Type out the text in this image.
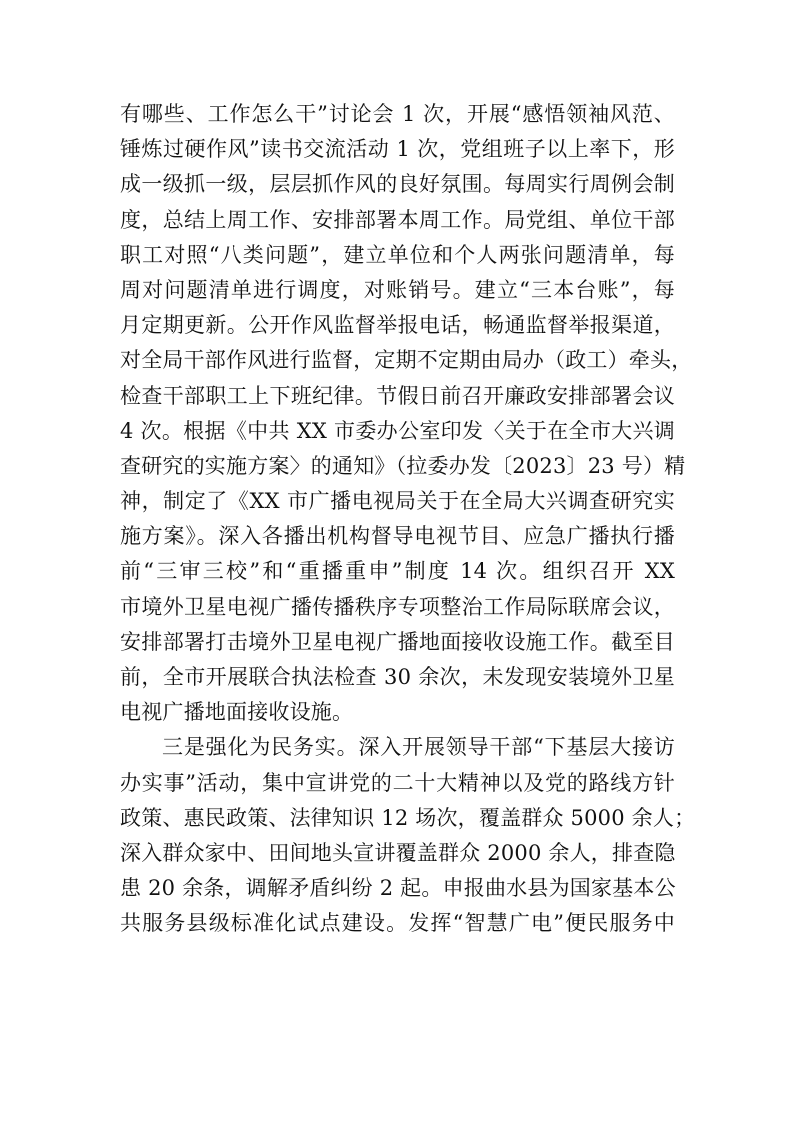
有哪些、工作怎么干”讨论会 1 次，开展“感悟领袖风范、
锤炼过硬作风”读书交流活动 1 次，党组班子以上率下，形
成一级抓一级，层层抓作风的良好氛围。每周实行周例会制
度，总结上周工作、安排部署本周工作。局党组、单位干部
职工对照“八类问题”，建立单位和个人两张问题清单，每
周对问题清单进行调度，对账销号。建立“三本台账”，每
月定期更新。公开作风监督举报电话，畅通监督举报渠道，
对全局干部作风进行监督，定期不定期由局办（政工）牵头，
检查干部职工上下班纪律。节假日前召开廉政安排部署会议
4 次。根据《中共 XX 市委办公室印发〈关于在全市大兴调
查研究的实施方案〉的通知》（拉委办发〔2023〕23 号）精
神，制定了《XX 市广播电视局关于在全局大兴调查研究实
施方案》。深入各播出机构督导电视节目、应急广播执行播
前“三审三校”和“重播重申”制度 14 次。组织召开 XX
市境外卫星电视广播传播秩序专项整治工作局际联席会议，
安排部署打击境外卫星电视广播地面接收设施工作。截至目
前，全市开展联合执法检查 30 余次，未发现安装境外卫星
电视广播地面接收设施。

三是强化为民务实。深入开展领导干部“下基层大接访
办实事”活动，集中宣讲党的二十大精神以及党的路线方针
政策、惠民政策、法律知识 12 场次，覆盖群众 5000 余人；
深入群众家中、田间地头宣讲覆盖群众 2000 余人，排查隐
患 20 余条，调解矛盾纠纷 2 起。申报曲水县为国家基本公
共服务县级标准化试点建设。发挥“智慧广电”便民服务中
